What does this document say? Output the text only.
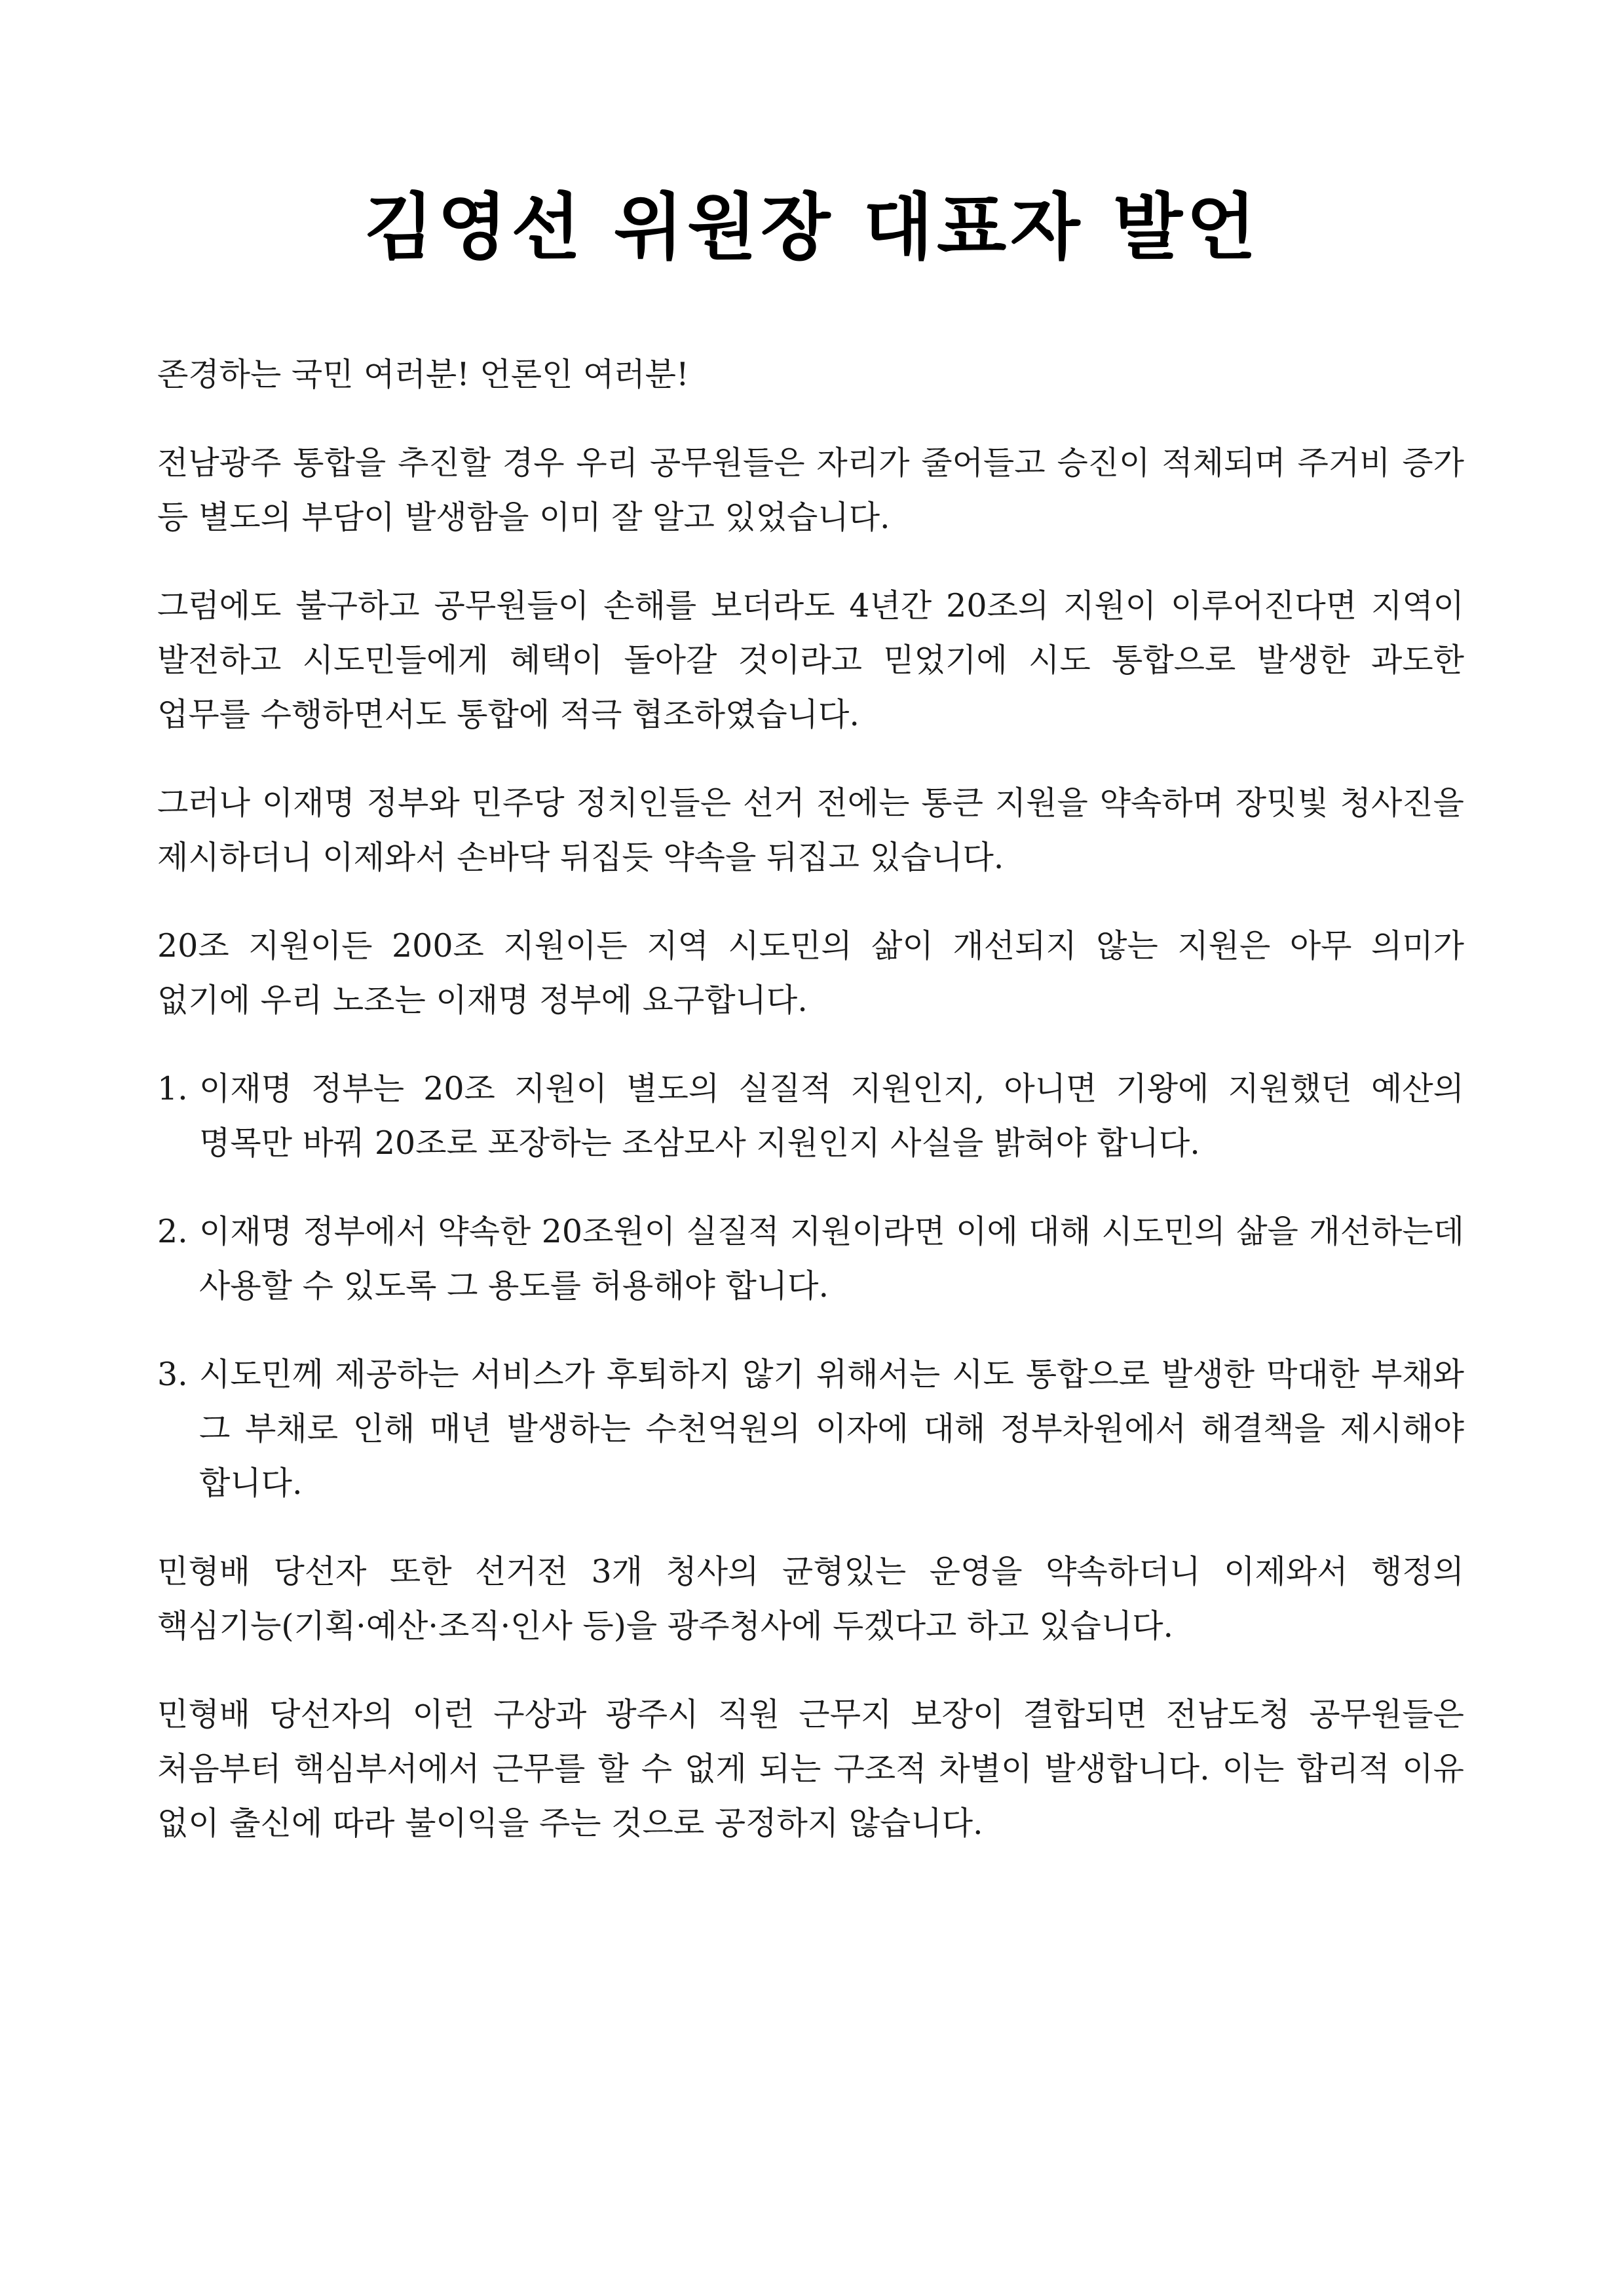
김영선 위원장 대표자 발언

존경하는 국민 여러분! 언론인 여러분!

전남광주 통합을 추진할 경우 우리 공무원들은 자리가 줄어들고 승진이 적체되며 주거비 증가 등 별도의 부담이 발생함을 이미 잘 알고 있었습니다.

그럼에도 불구하고 공무원들이 손해를 보더라도 4년간 20조의 지원이 이루어진다면 지역이 발전하고 시도민들에게 혜택이 돌아갈 것이라고 믿었기에 시도 통합으로 발생한 과도한 업무를 수행하면서도 통합에 적극 협조하였습니다.

그러나 이재명 정부와 민주당 정치인들은 선거 전에는 통큰 지원을 약속하며 장밋빛 청사진을 제시하더니 이제와서 손바닥 뒤집듯 약속을 뒤집고 있습니다.

20조 지원이든 200조 지원이든 지역 시도민의 삶이 개선되지 않는 지원은 아무 의미가 없기에 우리 노조는 이재명 정부에 요구합니다.

1. 이재명 정부는 20조 지원이 별도의 실질적 지원인지, 아니면 기왕에 지원했던 예산의 명목만 바꿔 20조로 포장하는 조삼모사 지원인지 사실을 밝혀야 합니다.
2. 이재명 정부에서 약속한 20조원이 실질적 지원이라면 이에 대해 시도민의 삶을 개선하는데 사용할 수 있도록 그 용도를 허용해야 합니다.
3. 시도민께 제공하는 서비스가 후퇴하지 않기 위해서는 시도 통합으로 발생한 막대한 부채와 그 부채로 인해 매년 발생하는 수천억원의 이자에 대해 정부차원에서 해결책을 제시해야 합니다.

민형배 당선자 또한 선거전 3개 청사의 균형있는 운영을 약속하더니 이제와서 행정의 핵심기능(기획·예산·조직·인사 등)을 광주청사에 두겠다고 하고 있습니다.

민형배 당선자의 이런 구상과 광주시 직원 근무지 보장이 결합되면 전남도청 공무원들은 처음부터 핵심부서에서 근무를 할 수 없게 되는 구조적 차별이 발생합니다. 이는 합리적 이유 없이 출신에 따라 불이익을 주는 것으로 공정하지 않습니다.
